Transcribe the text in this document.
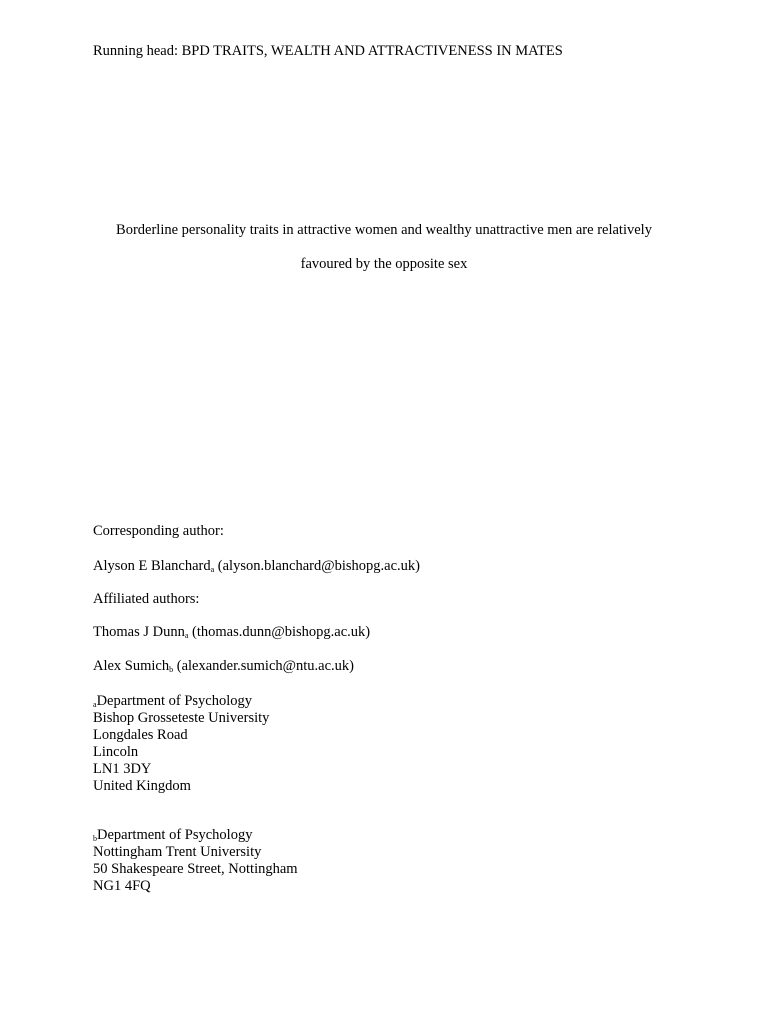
Running head: BPD TRAITS, WEALTH AND ATTRACTIVENESS IN MATES
Borderline personality traits in attractive women and wealthy unattractive men are relatively
favoured by the opposite sex
Corresponding author:
Alyson E Blanchard$_a$ (alyson.blanchard@bishopg.ac.uk)
Affiliated authors:
Thomas J Dunn$_a$ (thomas.dunn@bishopg.ac.uk)
Alex Sumich$_b$ (alexander.sumich@ntu.ac.uk)
$_a$Department of Psychology
Bishop Grosseteste University
Longdales Road
Lincoln
LN1 3DY
United Kingdom
$_b$Department of Psychology
Nottingham Trent University
50 Shakespeare Street, Nottingham
NG1 4FQ
